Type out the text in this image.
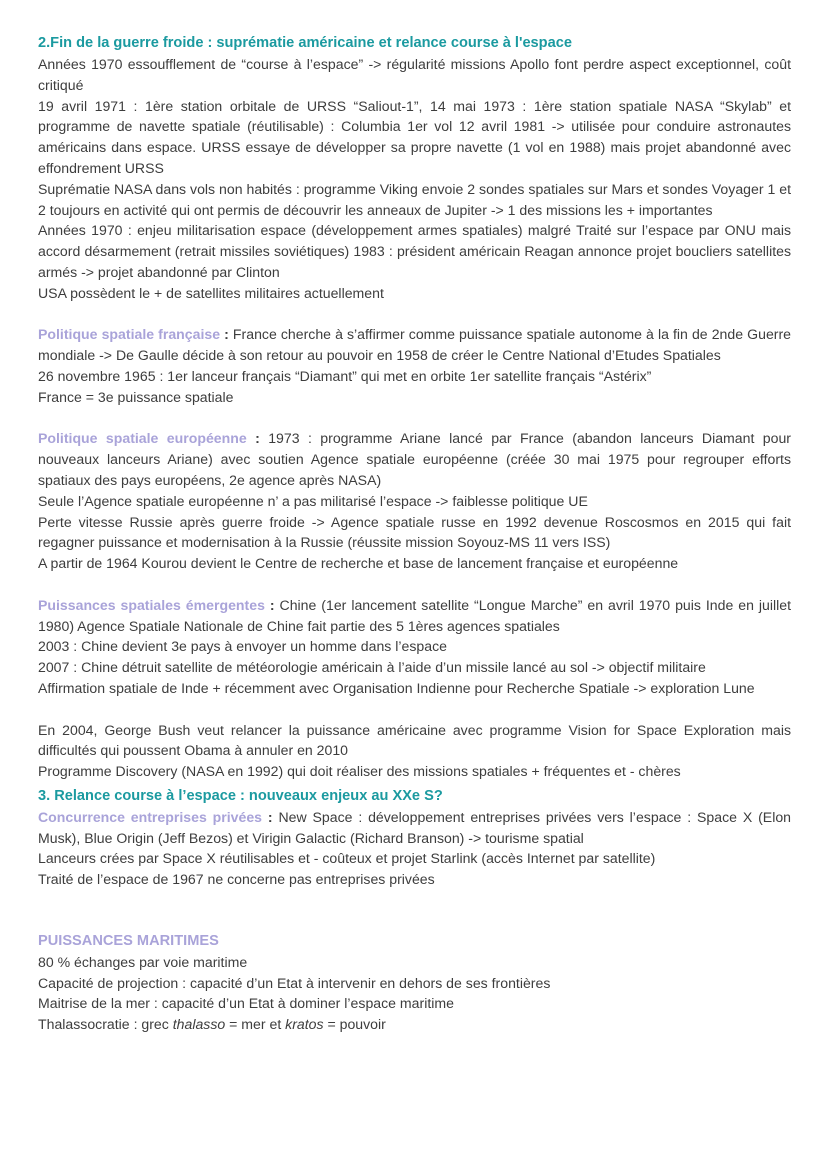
2.Fin de la guerre froide : suprématie américaine et relance course à l'espace

Années 1970 essoufflement de “course à l’espace” -> régularité missions Apollo font perdre aspect exceptionnel, coût critiqué
19 avril 1971 : 1ère station orbitale de URSS “Saliout-1”, 14 mai 1973 : 1ère station spatiale NASA “Skylab” et programme de navette spatiale (réutilisable) : Columbia 1er vol 12 avril 1981 -> utilisée pour conduire astronautes américains dans espace. URSS essaye de développer sa propre navette (1 vol en 1988) mais projet abandonné avec effondrement URSS
Suprématie NASA dans vols non habités : programme Viking envoie 2 sondes spatiales sur Mars et sondes Voyager 1 et 2 toujours en activité qui ont permis de découvrir les anneaux de Jupiter -> 1 des missions les + importantes
Années 1970 : enjeu militarisation espace (développement armes spatiales) malgré Traité sur l’espace par ONU mais accord désarmement (retrait missiles soviétiques) 1983 : président américain Reagan annonce projet boucliers satellites armés -> projet abandonné par Clinton
USA possèdent le + de satellites militaires actuellement

Politique spatiale française : France cherche à s’affirmer comme puissance spatiale autonome à la fin de 2nde Guerre mondiale -> De Gaulle décide à son retour au pouvoir en 1958 de créer le Centre National d’Etudes Spatiales
26 novembre 1965 : 1er lanceur français “Diamant” qui met en orbite 1er satellite français “Astérix”
France = 3e puissance spatiale

Politique spatiale européenne : 1973 : programme Ariane lancé par France (abandon lanceurs Diamant pour nouveaux lanceurs Ariane) avec soutien Agence spatiale européenne (créée 30 mai 1975 pour regrouper efforts spatiaux des pays européens, 2e agence après NASA)
Seule l’Agence spatiale européenne n’ a pas militarisé l’espace -> faiblesse politique UE
Perte vitesse Russie après guerre froide -> Agence spatiale russe en 1992 devenue Roscosmos en 2015 qui fait regagner puissance et modernisation à la Russie (réussite mission Soyouz-MS 11 vers ISS)
A partir de 1964 Kourou devient le Centre de recherche et base de lancement française et européenne

Puissances spatiales émergentes : Chine (1er lancement satellite “Longue Marche” en avril 1970 puis Inde en juillet 1980) Agence Spatiale Nationale de Chine fait partie des 5 1ères agences spatiales
2003 : Chine devient 3e pays à envoyer un homme dans l’espace
2007 : Chine détruit satellite de météorologie américain à l’aide d’un missile lancé au sol -> objectif militaire
Affirmation spatiale de Inde + récemment avec Organisation Indienne pour Recherche Spatiale -> exploration Lune

En 2004, George Bush veut relancer la puissance américaine avec programme Vision for Space Exploration mais difficultés qui poussent Obama à annuler en 2010
Programme Discovery (NASA en 1992) qui doit réaliser des missions spatiales + fréquentes et - chères

3. Relance course à l’espace : nouveaux enjeux au XXe S?

Concurrence entreprises privées : New Space : développement entreprises privées vers l’espace : Space X (Elon Musk), Blue Origin (Jeff Bezos) et Virigin Galactic (Richard Branson) -> tourisme spatial
Lanceurs crées par Space X réutilisables et - coûteux et projet Starlink (accès Internet par satellite)
Traité de l’espace de 1967 ne concerne pas entreprises privées

PUISSANCES MARITIMES

80 % échanges par voie maritime
Capacité de projection : capacité d’un Etat à intervenir en dehors de ses frontières
Maitrise de la mer : capacité d’un Etat à dominer l’espace maritime
Thalassocratie : grec thalasso = mer et kratos = pouvoir
